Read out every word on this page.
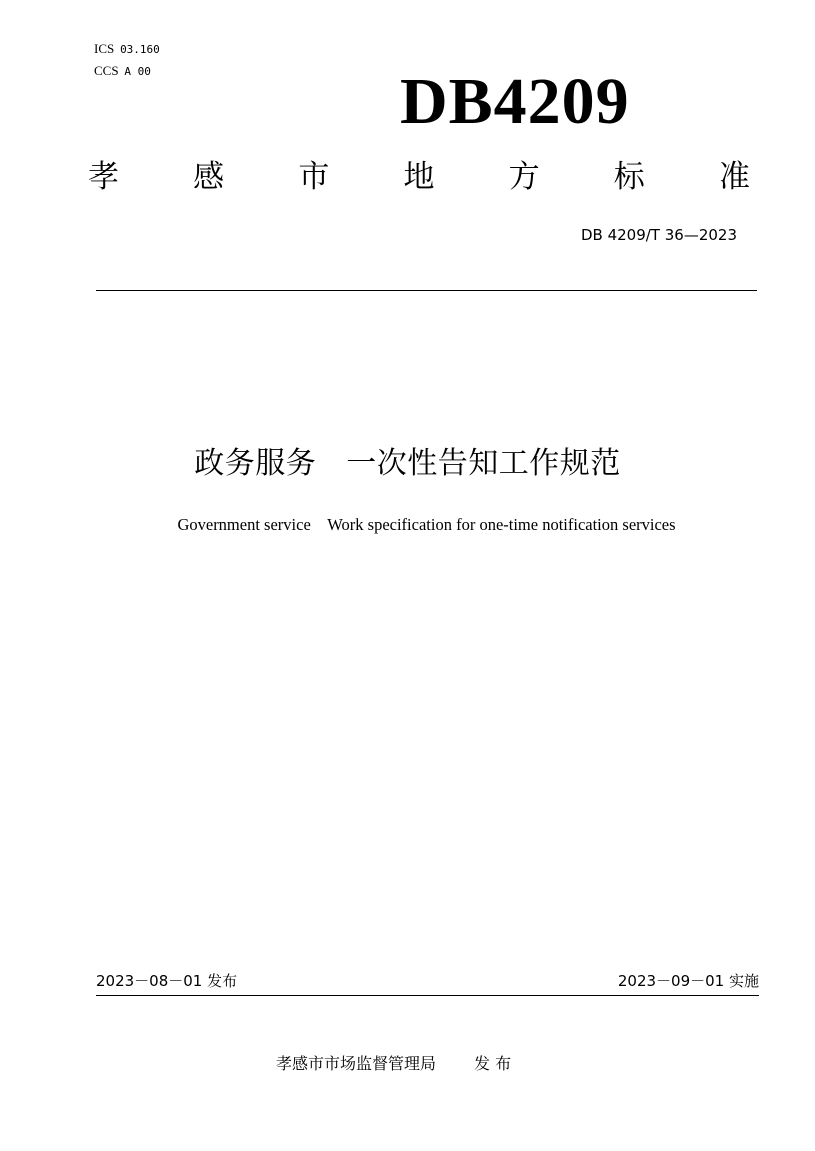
ICS 03.160
CCS A 00	DB4209
孝 感 市 地 方 标 准
DB 4209/T 36—2023
政务服务 一次性告知工作规范
Government service Work specification for one-time notification services
2023－08－01 发布	2023－09－01 实施
孝感市市场监督管理局 发 布
